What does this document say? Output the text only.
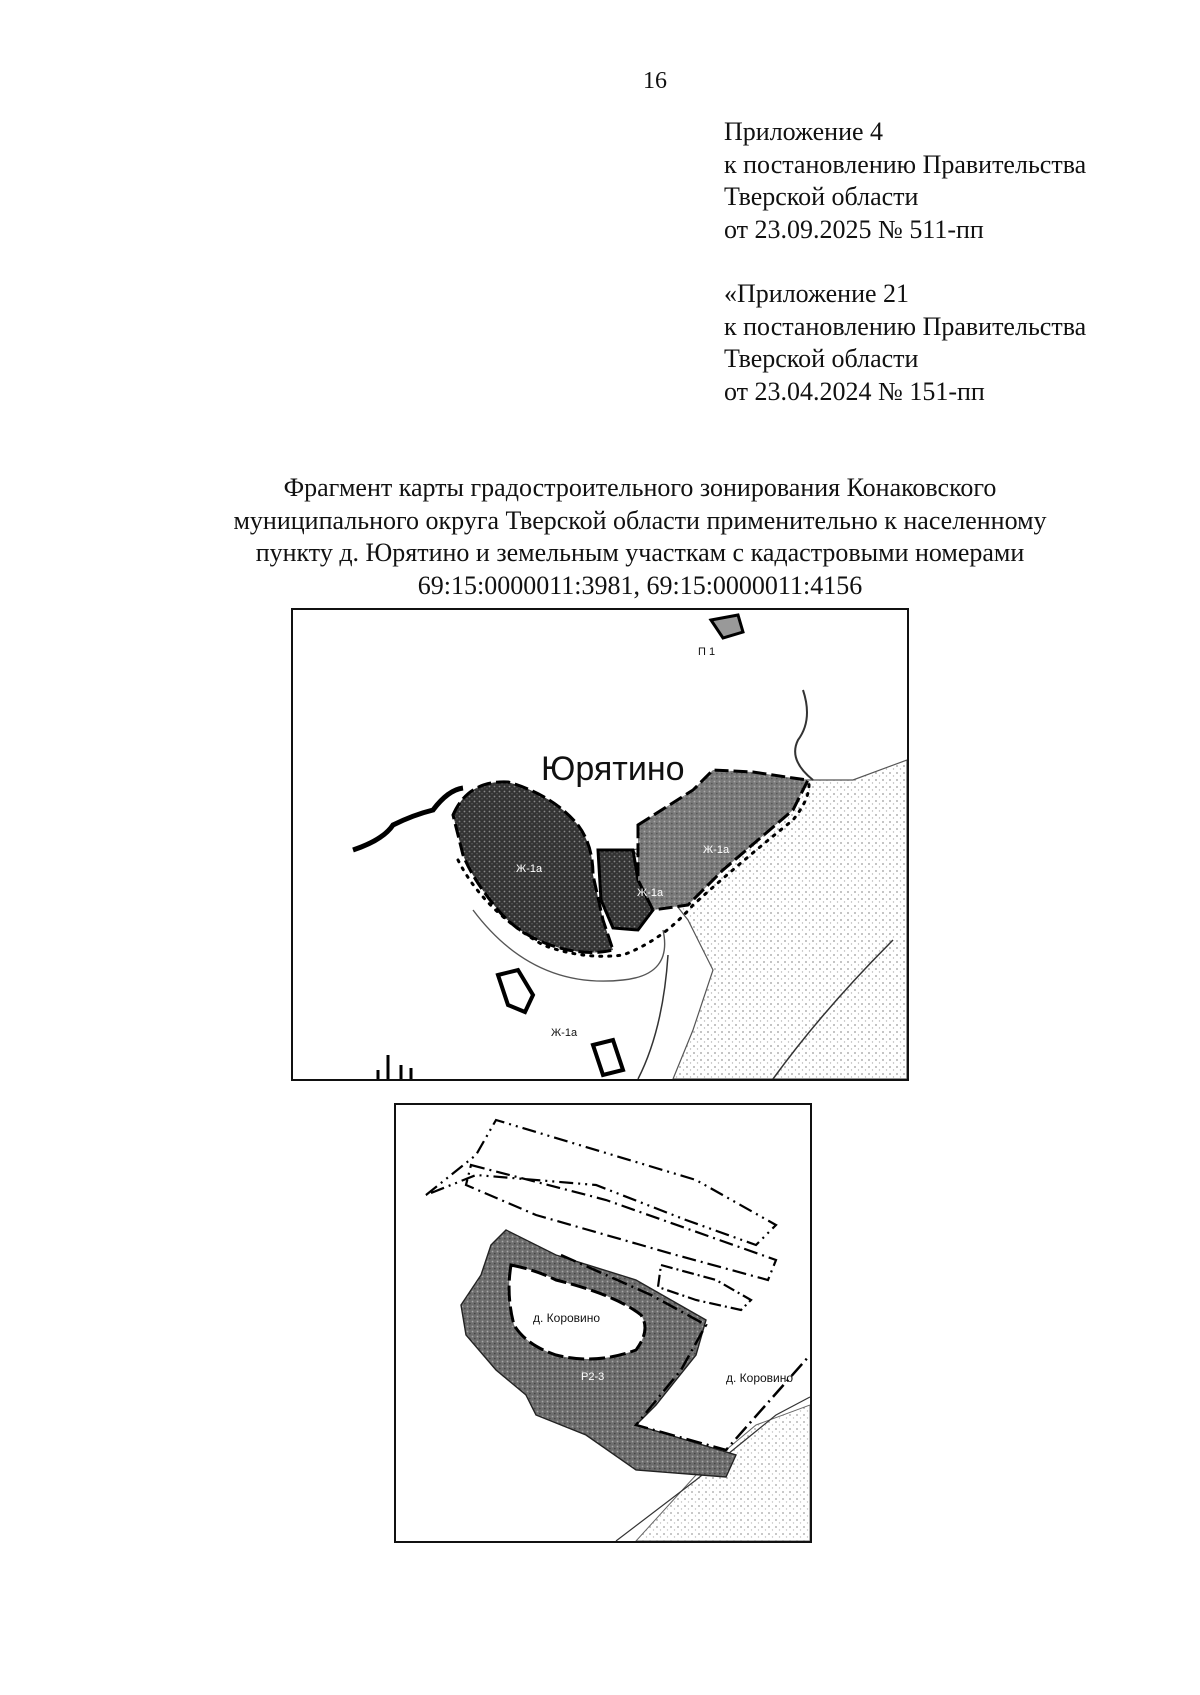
16
Приложение 4
к постановлению Правительства
Тверской области
от 23.09.2025 № 511-пп
«Приложение 21
к постановлению Правительства
Тверской области
от 23.04.2024 № 151-пп
Фрагмент карты градостроительного зонирования Конаковского
муниципального округа Тверской области применительно к населенному
пункту д. Юрятино и земельным участкам с кадастровыми номерами
69:15:0000011:3981, 69:15:0000011:4156
Юрятино
П 1
Ж-1а
Ж-1а
Ж-1а
Ж-1а
д. Коровино
д. Коровино
Р2-3
